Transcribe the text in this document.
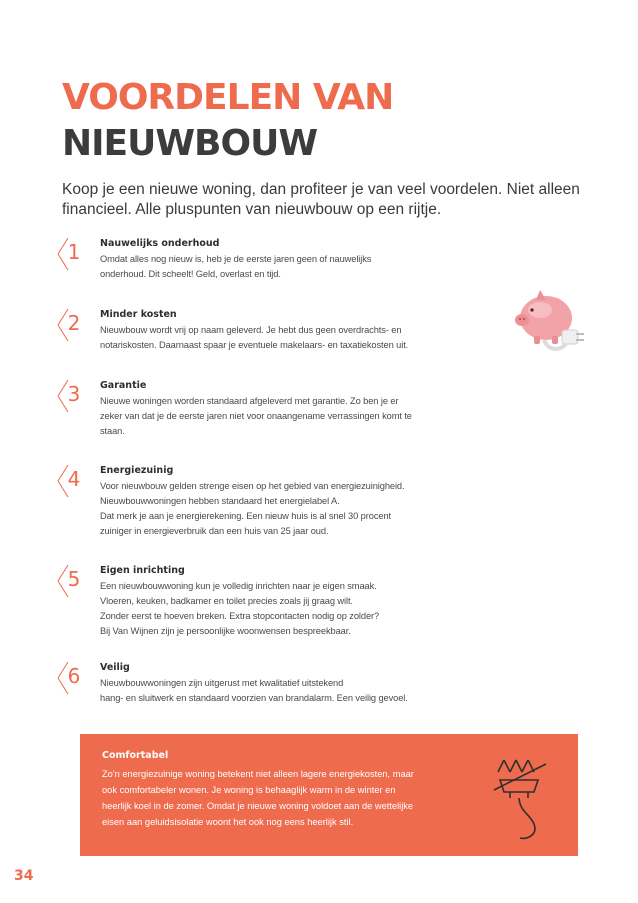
VOORDELEN VAN
NIEUWBOUW

Koop je een nieuwe woning, dan profiteer je van veel voordelen. Niet alleen financieel. Alle pluspunten van nieuwbouw op een rijtje.

1	Nauwelijks onderhoud

Omdat alles nog nieuw is, heb je de eerste jaren geen of nauwelijks
onderhoud. Dit scheelt! Geld, overlast en tijd.

2	Minder kosten

Nieuwbouw wordt vrij op naam geleverd. Je hebt dus geen overdrachts- en
notariskosten. Daarnaast spaar je eventuele makelaars- en taxatiekosten uit.

3	Garantie

Nieuwe woningen worden standaard afgeleverd met garantie. Zo ben je er
zeker van dat je de eerste jaren niet voor onaangename verrassingen komt te
staan.

4	Energiezuinig

Voor nieuwbouw gelden strenge eisen op het gebied van energiezuinigheid.
Nieuwbouwwoningen hebben standaard het energielabel A.
Dat merk je aan je energierekening. Een nieuw huis is al snel 30 procent
zuiniger in energieverbruik dan een huis van 25 jaar oud.

5	Eigen inrichting

Een nieuwbouwwoning kun je volledig inrichten naar je eigen smaak.
Vloeren, keuken, badkamer en toilet precies zoals jij graag wilt.
Zonder eerst te hoeven breken. Extra stopcontacten nodig op zolder?
Bij Van Wijnen zijn je persoonlijke woonwensen bespreekbaar.

6	Veilig

Nieuwbouwwoningen zijn uitgerust met kwalitatief uitstekend
hang- en sluitwerk en standaard voorzien van brandalarm. Een veilig gevoel.

Comfortabel

Zo'n energiezuinige woning betekent niet alleen lagere energiekosten, maar
ook comfortabeler wonen. Je woning is behaaglijk warm in de winter en
heerlijk koel in de zomer. Omdat je nieuwe woning voldoet aan de wettelijke
eisen aan geluidsisolatie woont het ook nog eens heerlijk stil.

34
